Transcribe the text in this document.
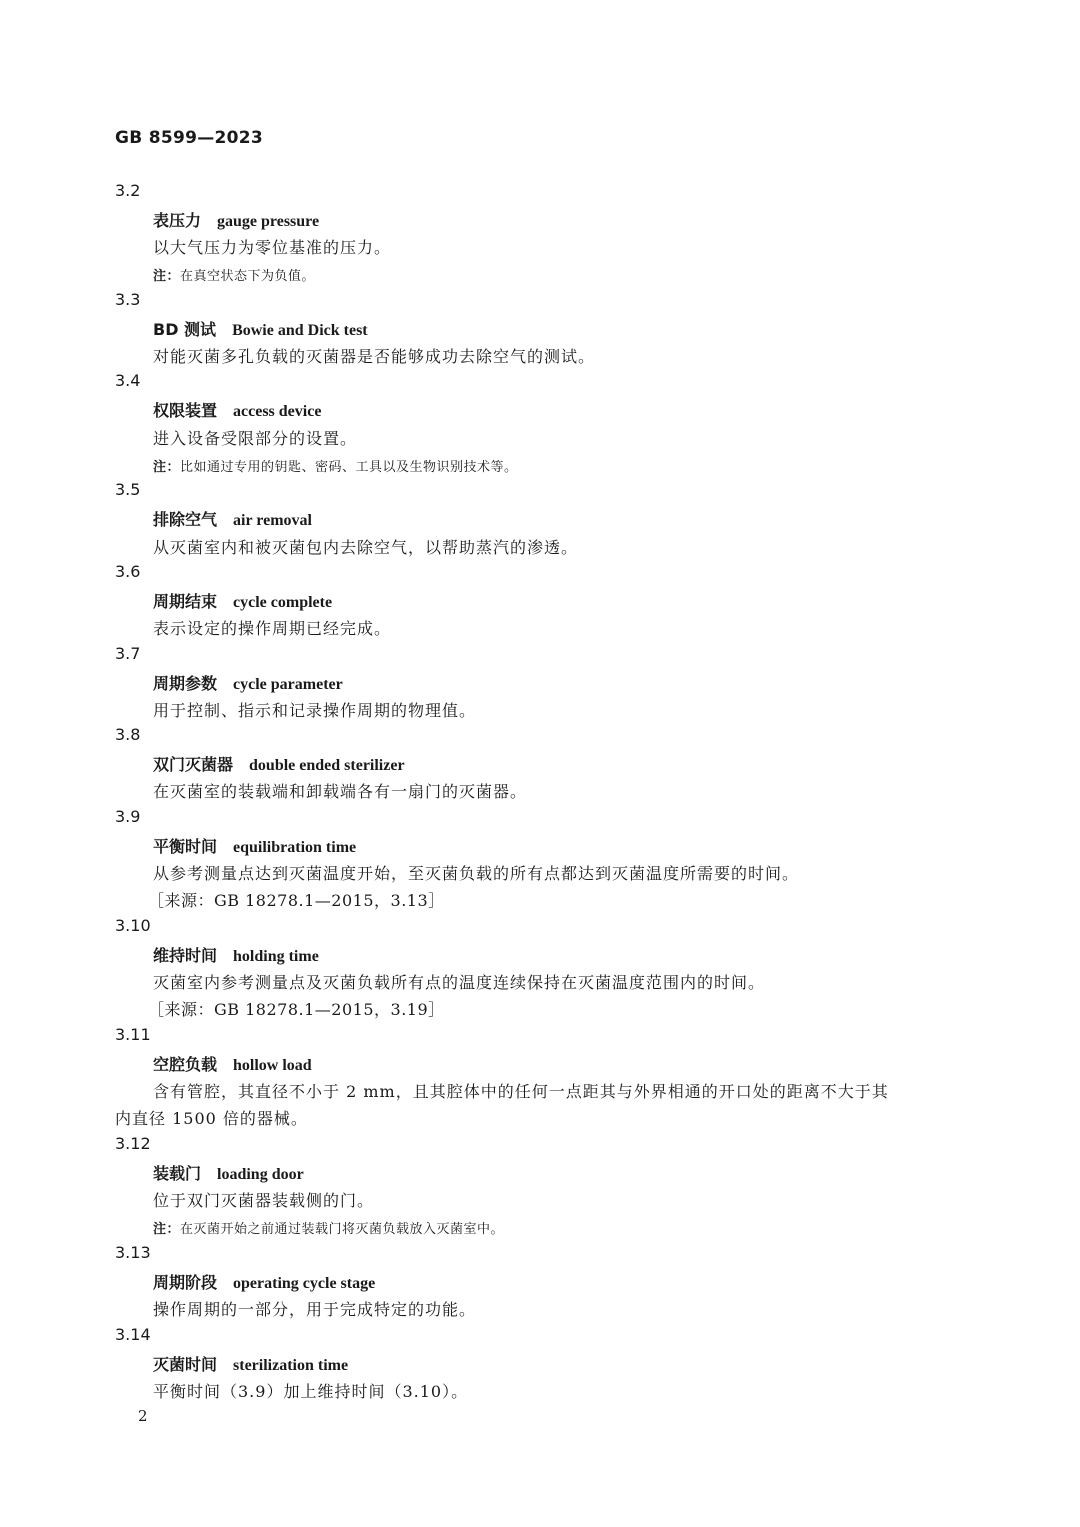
GB 8599—2023
3.2
表压力 gauge pressure
以大气压力为零位基准的压力。
注：在真空状态下为负值。
3.3
BD 测试 Bowie and Dick test
对能灭菌多孔负载的灭菌器是否能够成功去除空气的测试。
3.4
权限装置 access device
进入设备受限部分的设置。
注：比如通过专用的钥匙、密码、工具以及生物识别技术等。
3.5
排除空气 air removal
从灭菌室内和被灭菌包内去除空气，以帮助蒸汽的渗透。
3.6
周期结束 cycle complete
表示设定的操作周期已经完成。
3.7
周期参数 cycle parameter
用于控制、指示和记录操作周期的物理值。
3.8
双门灭菌器 double ended sterilizer
在灭菌室的装载端和卸载端各有一扇门的灭菌器。
3.9
平衡时间 equilibration time
从参考测量点达到灭菌温度开始，至灭菌负载的所有点都达到灭菌温度所需要的时间。
［来源：GB 18278.1—2015，3.13］
3.10
维持时间 holding time
灭菌室内参考测量点及灭菌负载所有点的温度连续保持在灭菌温度范围内的时间。
［来源：GB 18278.1—2015，3.19］
3.11
空腔负载 hollow load
含有管腔，其直径不小于 2 mm，且其腔体中的任何一点距其与外界相通的开口处的距离不大于其
内直径 1500 倍的器械。
3.12
装载门 loading door
位于双门灭菌器装载侧的门。
注：在灭菌开始之前通过装载门将灭菌负载放入灭菌室中。
3.13
周期阶段 operating cycle stage
操作周期的一部分，用于完成特定的功能。
3.14
灭菌时间 sterilization time
平衡时间（3.9）加上维持时间（3.10）。
2
